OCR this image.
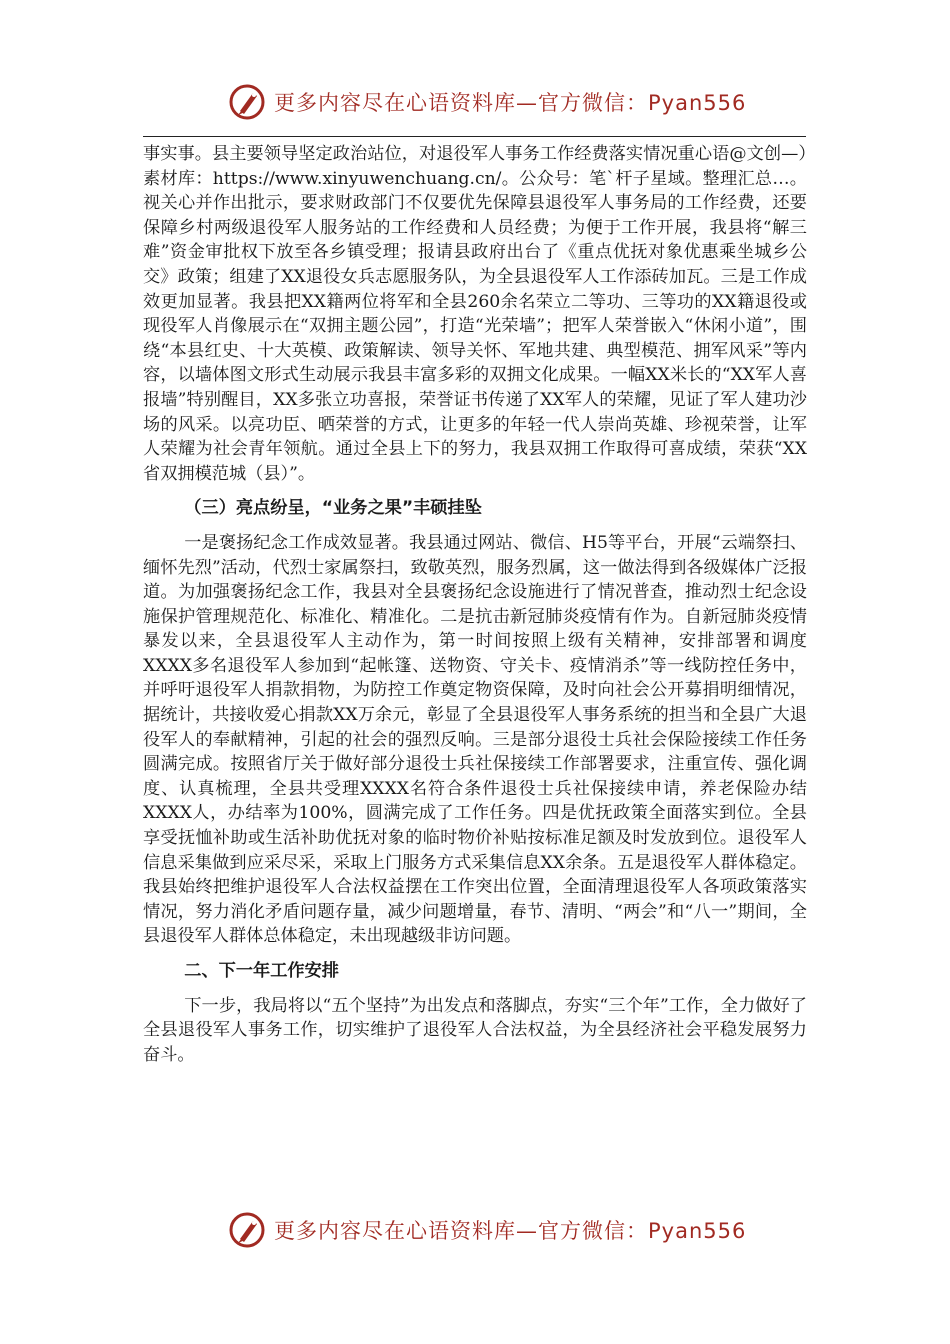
更多内容尽在心语资料库—官方微信：Pyan556

事实事。县主要领导坚定政治站位，对退役军人事务工作经费落实情况重心语@文创—）素材库：https://www.xinyuwenchuang.cn/。公众号：笔`杆子星域。整理汇总…。视关心并作出批示，要求财政部门不仅要优先保障县退役军人事务局的工作经费，还要保障乡村两级退役军人服务站的工作经费和人员经费；为便于工作开展，我县将“解三难”资金审批权下放至各乡镇受理；报请县政府出台了《重点优抚对象优惠乘坐城乡公交》政策；组建了XX退役女兵志愿服务队，为全县退役军人工作添砖加瓦。三是工作成效更加显著。我县把XX籍两位将军和全县260余名荣立二等功、三等功的XX籍退役或现役军人肖像展示在“双拥主题公园”，打造“光荣墙”；把军人荣誉嵌入“休闲小道”，围绕“本县红史、十大英模、政策解读、领导关怀、军地共建、典型模范、拥军风采”等内容，以墙体图文形式生动展示我县丰富多彩的双拥文化成果。一幅XX米长的“XX军人喜报墙”特别醒目，XX多张立功喜报，荣誉证书传递了XX军人的荣耀，见证了军人建功沙场的风采。以亮功臣、晒荣誉的方式，让更多的年轻一代人崇尚英雄、珍视荣誉，让军人荣耀为社会青年领航。通过全县上下的努力，我县双拥工作取得可喜成绩，荣获“XX省双拥模范城（县）”。

（三）亮点纷呈，“业务之果”丰硕挂坠

一是褒扬纪念工作成效显著。我县通过网站、微信、H5等平台，开展“云端祭扫、缅怀先烈”活动，代烈士家属祭扫，致敬英烈，服务烈属，这一做法得到各级媒体广泛报道。为加强褒扬纪念工作，我县对全县褒扬纪念设施进行了情况普查，推动烈士纪念设施保护管理规范化、标准化、精准化。二是抗击新冠肺炎疫情有作为。自新冠肺炎疫情暴发以来，全县退役军人主动作为，第一时间按照上级有关精神，安排部署和调度XXXX多名退役军人参加到“起帐篷、送物资、守关卡、疫情消杀”等一线防控任务中，并呼吁退役军人捐款捐物，为防控工作奠定物资保障，及时向社会公开募捐明细情况，据统计，共接收爱心捐款XX万余元，彰显了全县退役军人事务系统的担当和全县广大退役军人的奉献精神，引起的社会的强烈反响。三是部分退役士兵社会保险接续工作任务圆满完成。按照省厅关于做好部分退役士兵社保接续工作部署要求，注重宣传、强化调度、认真梳理，全县共受理XXXX名符合条件退役士兵社保接续申请，养老保险办结XXXX人，办结率为100%，圆满完成了工作任务。四是优抚政策全面落实到位。全县享受抚恤补助或生活补助优抚对象的临时物价补贴按标准足额及时发放到位。退役军人信息采集做到应采尽采，采取上门服务方式采集信息XX余条。五是退役军人群体稳定。我县始终把维护退役军人合法权益摆在工作突出位置，全面清理退役军人各项政策落实情况，努力消化矛盾问题存量，减少问题增量，春节、清明、“两会”和“八一”期间，全县退役军人群体总体稳定，未出现越级非访问题。

二、下一年工作安排

下一步，我局将以“五个坚持”为出发点和落脚点，夯实“三个年”工作，全力做好了全县退役军人事务工作，切实维护了退役军人合法权益，为全县经济社会平稳发展努力奋斗。

更多内容尽在心语资料库—官方微信：Pyan556
